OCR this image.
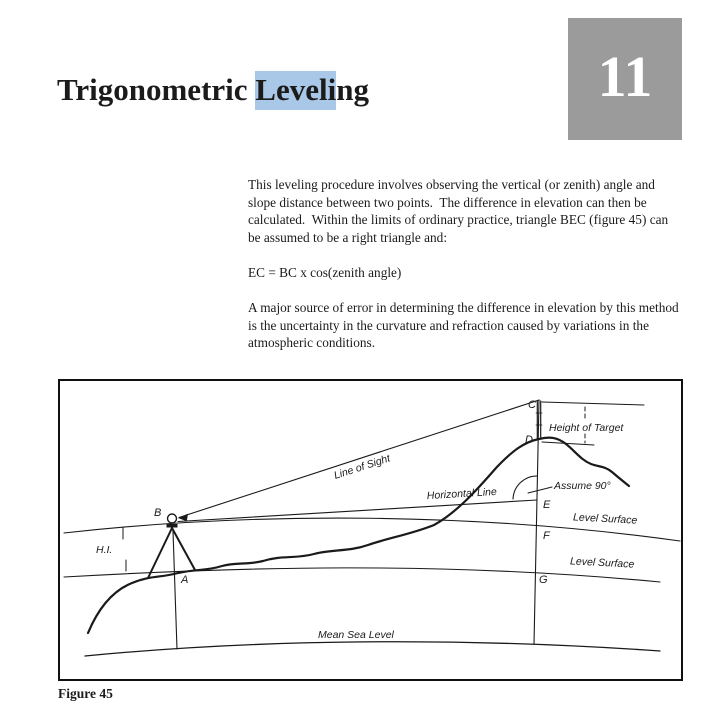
11
Trigonometric Leveling
This leveling procedure involves observing the vertical (or zenith) angle and
slope distance between two points.  The difference in elevation can then be
calculated.  Within the limits of ordinary practice, triangle BEC (figure 45) can
be assumed to be a right triangle and:
EC = BC x cos(zenith angle)
A major source of error in determining the difference in elevation by this method
is the uncertainty in the curvature and refraction caused by variations in the
atmospheric conditions.
Line of Sight
Horizontal Line
Height of Target
Assume 90°
Level Surface
Level Surface
Mean Sea Level
H.I.
B
A
C
D
E
F
G
Figure 45
